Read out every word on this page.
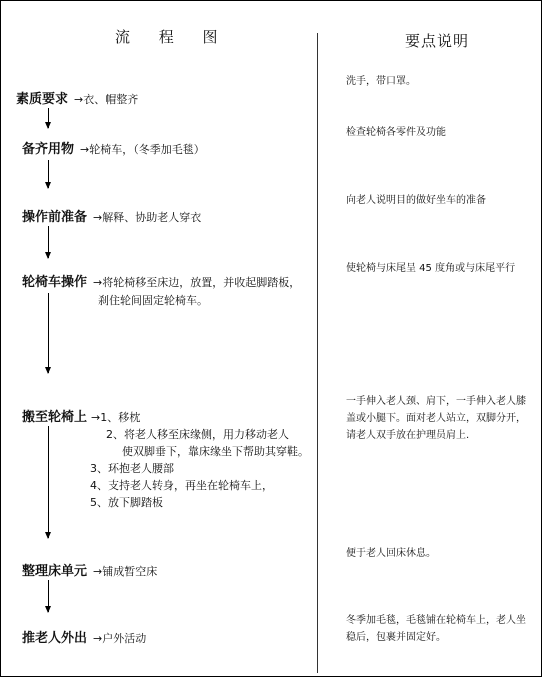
流 程 图	要点说明
素质要求 →衣、帽整齐
备齐用物 →轮椅车，（冬季加毛毯）
操作前准备 →解释、协助老人穿衣
轮椅车操作 →将轮椅移至床边，放置，并收起脚踏板，
刹住轮间固定轮椅车。
搬至轮椅上 →1、移枕
2、将老人移至床缘侧，用力移动老人
使双脚垂下，靠床缘坐下帮助其穿鞋。
3、环抱老人腰部
4、支持老人转身，再坐在轮椅车上，
5、放下脚踏板
整理床单元 →铺成暂空床
推老人外出 →户外活动
洗手，带口罩。
检查轮椅各零件及功能
向老人说明目的做好坐车的准备
使轮椅与床尾呈 45 度角或与床尾平行
一手伸入老人颈、肩下，一手伸入老人膝盖或小腿下。面对老人站立，双脚分开，请老人双手放在护理员肩上.
便于老人回床休息。
冬季加毛毯，毛毯铺在轮椅车上，老人坐稳后，包裹并固定好。
